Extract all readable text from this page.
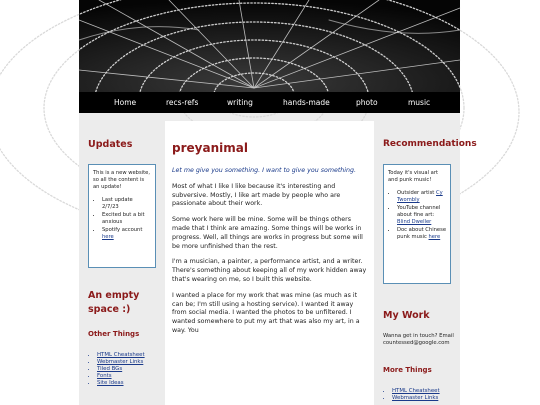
Home	recs-refs	writing	hands-made	photo	music
Updates
This is a new website, so all the content is an update!
• Last update 2/7/23
• Excited but a bit anxious
• Spotify account here
An empty space :)
Other Things
• HTML Cheatsheet
• Webmaster Links
• Tiled BGs
• Fonts
• Site Ideas
preyanimal

Let me give you something. I want to give you something.

Most of what I like I like because it's interesting and subversive. Mostly, I like art made by people who are passionate about their work.

Some work here will be mine. Some will be things others made that I think are amazing. Some things will be works in progress. Well, all things are works in progress but some will be more unfinished than the rest.

I'm a musician, a painter, a performance artist, and a writer. There's something about keeping all of my work hidden away that's wearing on me, so I built this website.

I wanted a place for my work that was mine (as much as it can be; I'm still using a hosting service). I wanted it away from social media. I wanted the photos to be unfiltered. I wanted somewhere to put my art that was also my art, in a way. You

Recommendations
Today it's visual art and punk music!
• Outsider artist Cy Twombly
• YouTube channel about fine art: Blind Dweller
• Doc about Chinese punk music here
My Work
Wanna get in touch? Email countessed@google.com
More Things
• HTML Cheatsheet
• Webmaster Links
